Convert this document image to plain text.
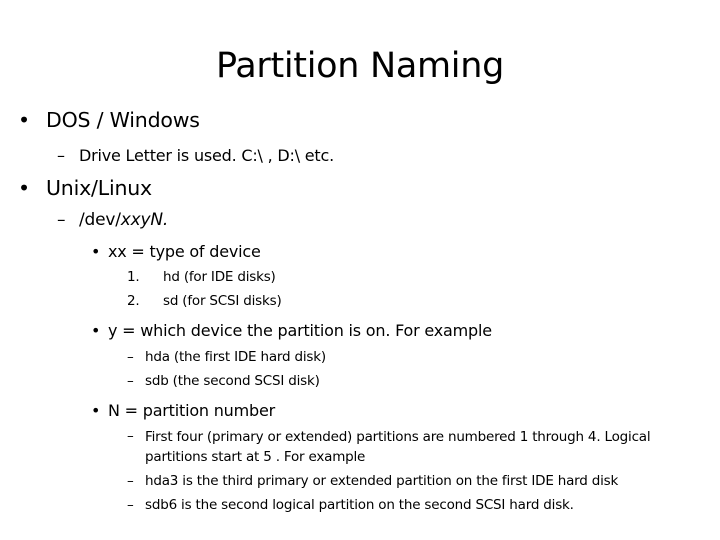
Partition Naming
• DOS / Windows
– Drive Letter is used. C:\ , D:\ etc.
• Unix/Linux
– /dev/xxyN.
• xx = type of device
1. hd (for IDE disks)
2. sd (for SCSI disks)
• y = which device the partition is on. For example
– hda (the first IDE hard disk)
– sdb (the second SCSI disk)
• N = partition number
– First four (primary or extended) partitions are numbered 1 through 4. Logical partitions start at 5 . For example
– hda3 is the third primary or extended partition on the first IDE hard disk
– sdb6 is the second logical partition on the second SCSI hard disk.
